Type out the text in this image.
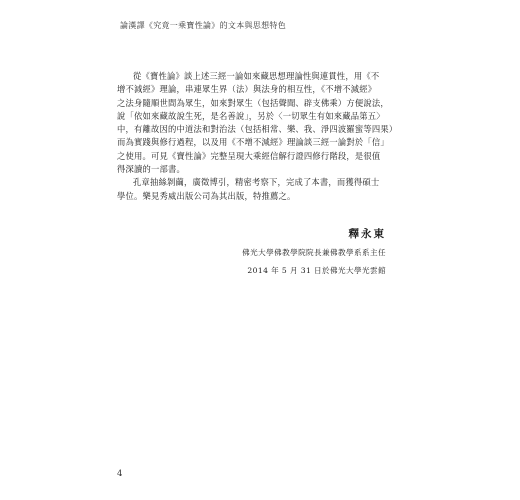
論漢譯《究竟一乘寶性論》的文本與思想特色

從《寶性論》談上述三經一論如來藏思想理論性與連貫性，用《不
增不減經》理論，串連眾生界（法）與法身的相互性，《不增不減經》
之法身隨順世間為眾生，如來對眾生（包括聲聞、辟支佛乘）方便說法，
說「依如來藏故說生死，是名善說」，另於〈一切眾生有如來藏品第五〉
中，有離故因的中道法和對治法（包括相常、樂、我、淨四波羅蜜等四果）
而為實踐與修行過程，以及用《不增不減經》理論談三經一論對於「信」
之使用。可見《寶性論》完整呈現大乘經信解行證四修行階段，是很值
得深讀的一部書。

孔章抽絲剝繭，廣徵博引，精密考察下，完成了本書，而獲得碩士
學位。樂見秀威出版公司為其出版，特推薦之。

釋永東
佛光大學佛教學院院長兼佛教學系系主任
2014 年 5 月 31 日於佛光大學光雲館
4
